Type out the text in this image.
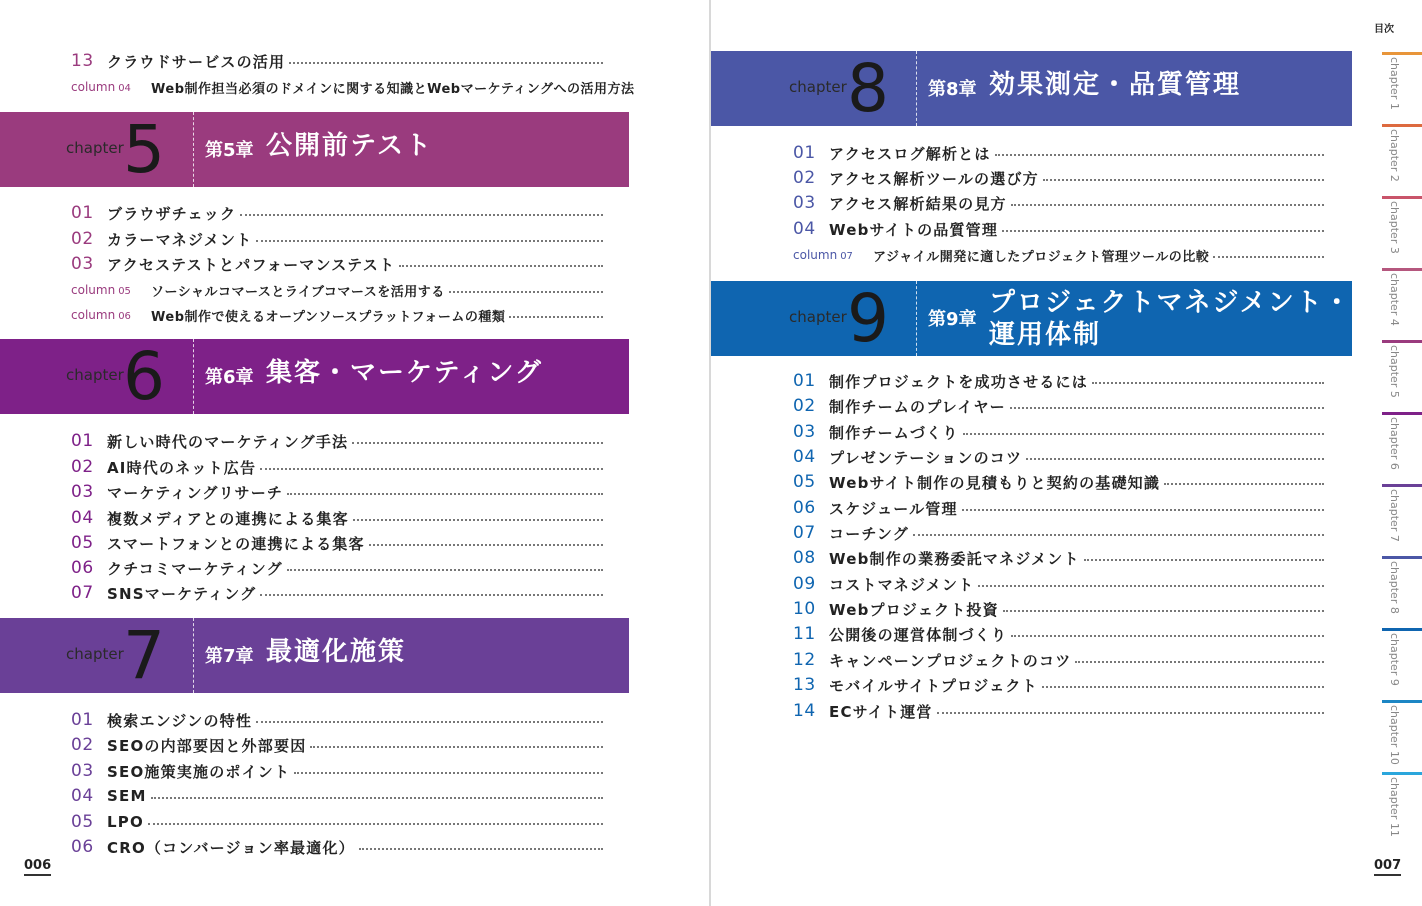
13 クラウドサービスの活用
column 04	Web制作担当必須のドメインに関する知識とWebマーケティングへの活用方法
chapter 5 第5章 公開前テスト
01 ブラウザチェック
02 カラーマネジメント
03 アクセステストとパフォーマンステスト
column 05	ソーシャルコマースとライブコマースを活用する
column 06	Web制作で使えるオープンソースプラットフォームの種類
chapter 6 第6章 集客・マーケティング
01 新しい時代のマーケティング手法
02 AI時代のネット広告
03 マーケティングリサーチ
04 複数メディアとの連携による集客
05 スマートフォンとの連携による集客
06 クチコミマーケティング
07 SNSマーケティング
chapter 7 第7章 最適化施策
01 検索エンジンの特性
02 SEOの内部要因と外部要因
03 SEO施策実施のポイント
04 SEM
05 LPO
06 CRO（コンバージョン率最適化）
006
chapter 8 第8章 効果測定・品質管理
01 アクセスログ解析とは
02 アクセス解析ツールの選び方
03 アクセス解析結果の見方
04 Webサイトの品質管理
column 07	アジャイル開発に適したプロジェクト管理ツールの比較
chapter 9 第9章
プロジェクトマネジメント・
運用体制
01 制作プロジェクトを成功させるには
02 制作チームのプレイヤー
03 制作チームづくり
04 プレゼンテーションのコツ
05 Webサイト制作の見積もりと契約の基礎知識
06 スケジュール管理
07 コーチング
08 Web制作の業務委託マネジメント
09 コストマネジメント
10 Webプロジェクト投資
11 公開後の運営体制づくり
12 キャンペーンプロジェクトのコツ
13 モバイルサイトプロジェクト
14 ECサイト運営
目次
chapter 1
chapter 2
chapter 3
chapter 4
chapter 5
chapter 6
chapter 7
chapter 8
chapter 9
chapter 10
chapter 11
007
